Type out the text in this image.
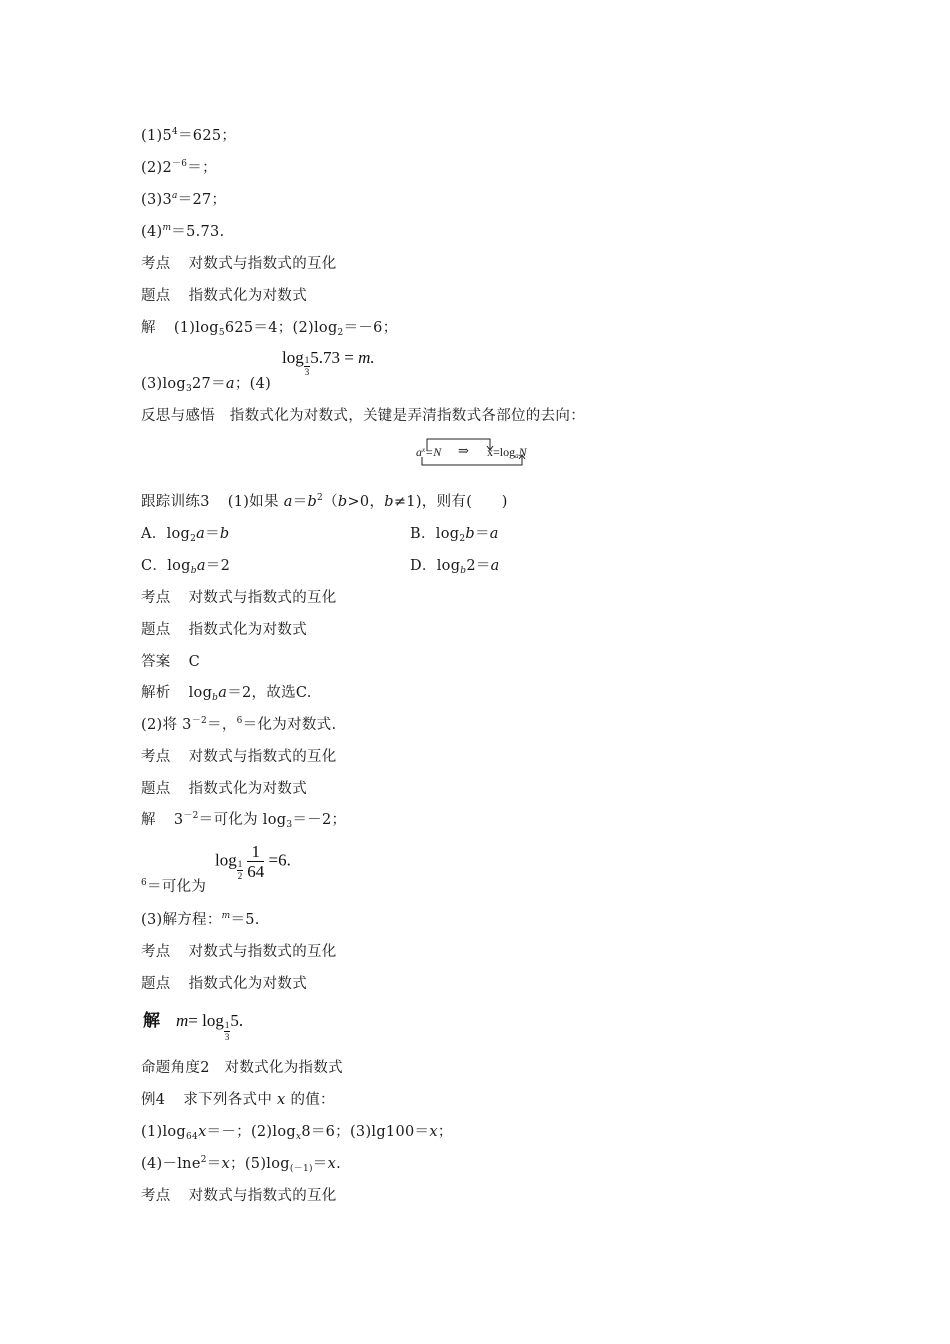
$(1)5^4=625$；
$(2)2^{-6}=$；
$(3)3^a=27$；
$(4)^m=5.73$.
考点 对数式与指数式的互化
题点 指数式化为对数式
解 $(1)\log_5625=4$；$(2)\log_2=-6$；
$\log \frac{1}{3} 5.73 = m$.
$(3)\log_327=a$；(4)
反思与感悟　指数式化为对数式，关键是弄清指数式各部位的去向：
$a^x=N$ ⇒ $x=\log_aN$
跟踪训练3 (1)如果 $a=b^2(b>0$，b≠1)，则有(　　)
A．$\log_2a=b$	B．$\log_2b=a$
C．$\log_ba=2$	D．$\log_b2=a$
考点 对数式与指数式的互化
题点 指数式化为对数式
答案 C
解析 $\log_ba=2$，故选C.
(2)将 $3^{-2}=$，$^6$＝化为对数式.
考点 对数式与指数式的互化
题点 指数式化为对数式
解 $3^{-2}=$可化为 $\log_3=-2$；
log
$\frac{1}{2} \frac{1}{64} =6$.
$^6$＝可化为
(3)解方程：$^m$＝5.
考点 对数式与指数式的互化
题点 指数式化为对数式
解 m= log
$\frac{1}{3}$
5.
命题角度2　对数式化为指数式
例4 求下列各式中 x 的值：
$(1)\log_{64}x=-$；$(2)\log_x8=6$；(3)lg100＝x；
(4)－lne$^2$＝x；$(5)\log_{(-1)}=x$.
考点 对数式与指数式的互化
